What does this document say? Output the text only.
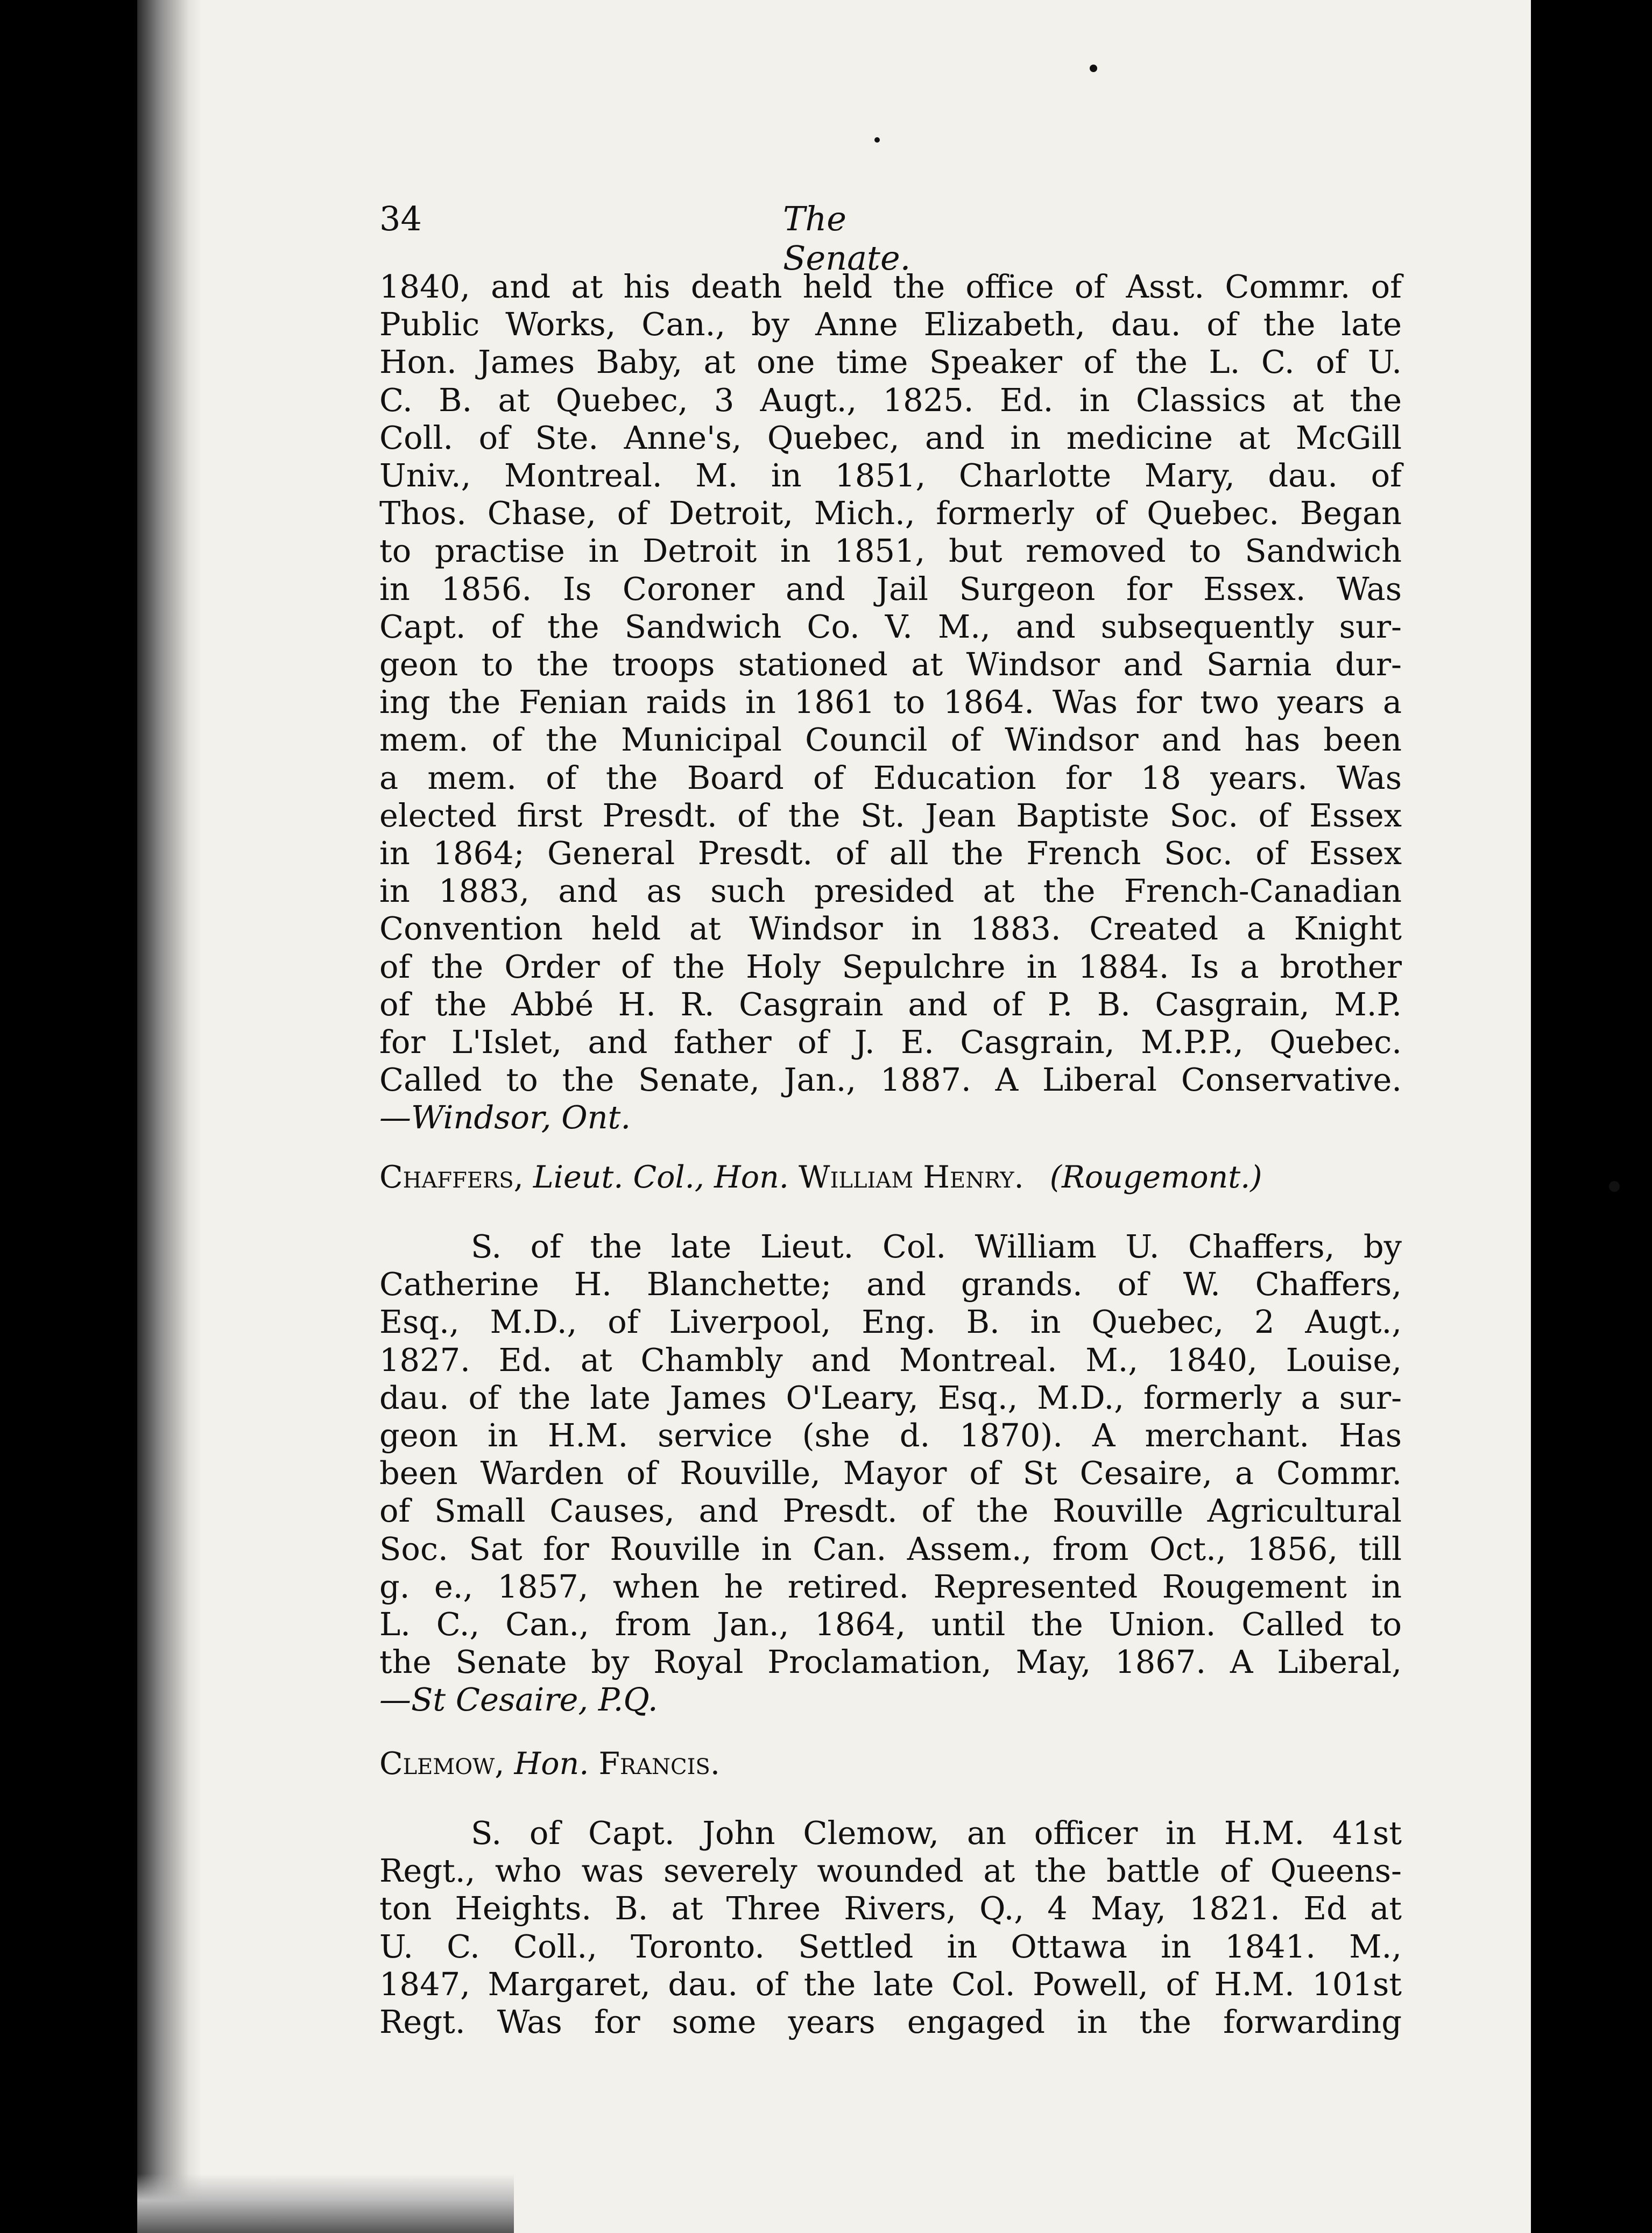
34	The Senate.
1840, and at his death held the office of Asst. Commr. of
Public Works, Can., by Anne Elizabeth, dau. of the late
Hon. James Baby, at one time Speaker of the L. C. of U.
C. B. at Quebec, 3 Augt., 1825. Ed. in Classics at the
Coll. of Ste. Anne's, Quebec, and in medicine at McGill
Univ., Montreal. M. in 1851, Charlotte Mary, dau. of
Thos. Chase, of Detroit, Mich., formerly of Quebec. Began
to practise in Detroit in 1851, but removed to Sandwich
in 1856. Is Coroner and Jail Surgeon for Essex. Was
Capt. of the Sandwich Co. V. M., and subsequently sur-
geon to the troops stationed at Windsor and Sarnia dur-
ing the Fenian raids in 1861 to 1864. Was for two years a
mem. of the Municipal Council of Windsor and has been
a mem. of the Board of Education for 18 years. Was
elected first Presdt. of the St. Jean Baptiste Soc. of Essex
in 1864; General Presdt. of all the French Soc. of Essex
in 1883, and as such presided at the French-Canadian
Convention held at Windsor in 1883. Created a Knight
of the Order of the Holy Sepulchre in 1884. Is a brother
of the Abbé H. R. Casgrain and of P. B. Casgrain, M.P.
for L'Islet, and father of J. E. Casgrain, M.P.P., Quebec.
Called to the Senate, Jan., 1887. A Liberal Conservative.
—Windsor, Ont.
Chaffers, Lieut. Col., Hon. William Henry. (Rougemont.)
S. of the late Lieut. Col. William U. Chaffers, by
Catherine H. Blanchette; and grands. of W. Chaffers,
Esq., M.D., of Liverpool, Eng. B. in Quebec, 2 Augt.,
1827. Ed. at Chambly and Montreal. M., 1840, Louise,
dau. of the late James O'Leary, Esq., M.D., formerly a sur-
geon in H.M. service (she d. 1870). A merchant. Has
been Warden of Rouville, Mayor of St Cesaire, a Commr.
of Small Causes, and Presdt. of the Rouville Agricultural
Soc. Sat for Rouville in Can. Assem., from Oct., 1856, till
g. e., 1857, when he retired. Represented Rougement in
L. C., Can., from Jan., 1864, until the Union. Called to
the Senate by Royal Proclamation, May, 1867. A Liberal,
—St Cesaire, P.Q.
Clemow, Hon. Francis.
S. of Capt. John Clemow, an officer in H.M. 41st
Regt., who was severely wounded at the battle of Queens-
ton Heights. B. at Three Rivers, Q., 4 May, 1821. Ed at
U. C. Coll., Toronto. Settled in Ottawa in 1841. M.,
1847, Margaret, dau. of the late Col. Powell, of H.M. 101st
Regt. Was for some years engaged in the forwarding
